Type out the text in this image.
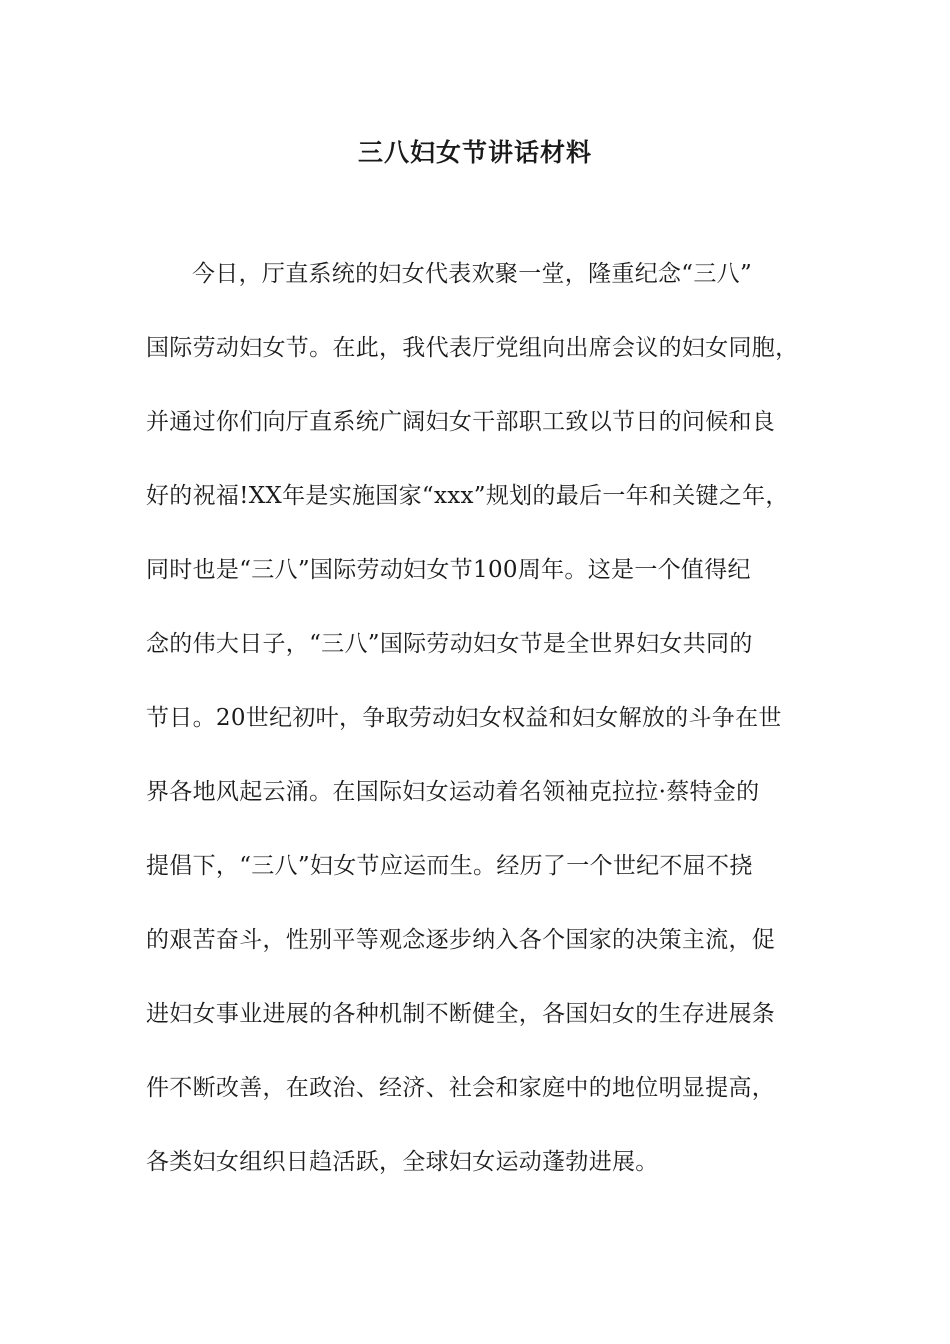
三八妇女节讲话材料
今日，厅直系统的妇女代表欢聚一堂，隆重纪念“三八”
国际劳动妇女节。在此，我代表厅党组向出席会议的妇女同胞，
并通过你们向厅直系统广阔妇女干部职工致以节日的问候和良
好的祝福!XX年是实施国家“xxx”规划的最后一年和关键之年，
同时也是“三八”国际劳动妇女节100周年。这是一个值得纪
念的伟大日子，“三八”国际劳动妇女节是全世界妇女共同的
节日。20世纪初叶，争取劳动妇女权益和妇女解放的斗争在世
界各地风起云涌。在国际妇女运动着名领袖克拉拉·蔡特金的
提倡下，“三八”妇女节应运而生。经历了一个世纪不屈不挠
的艰苦奋斗，性别平等观念逐步纳入各个国家的决策主流，促
进妇女事业进展的各种机制不断健全，各国妇女的生存进展条
件不断改善，在政治、经济、社会和家庭中的地位明显提高，
各类妇女组织日趋活跃，全球妇女运动蓬勃进展。
